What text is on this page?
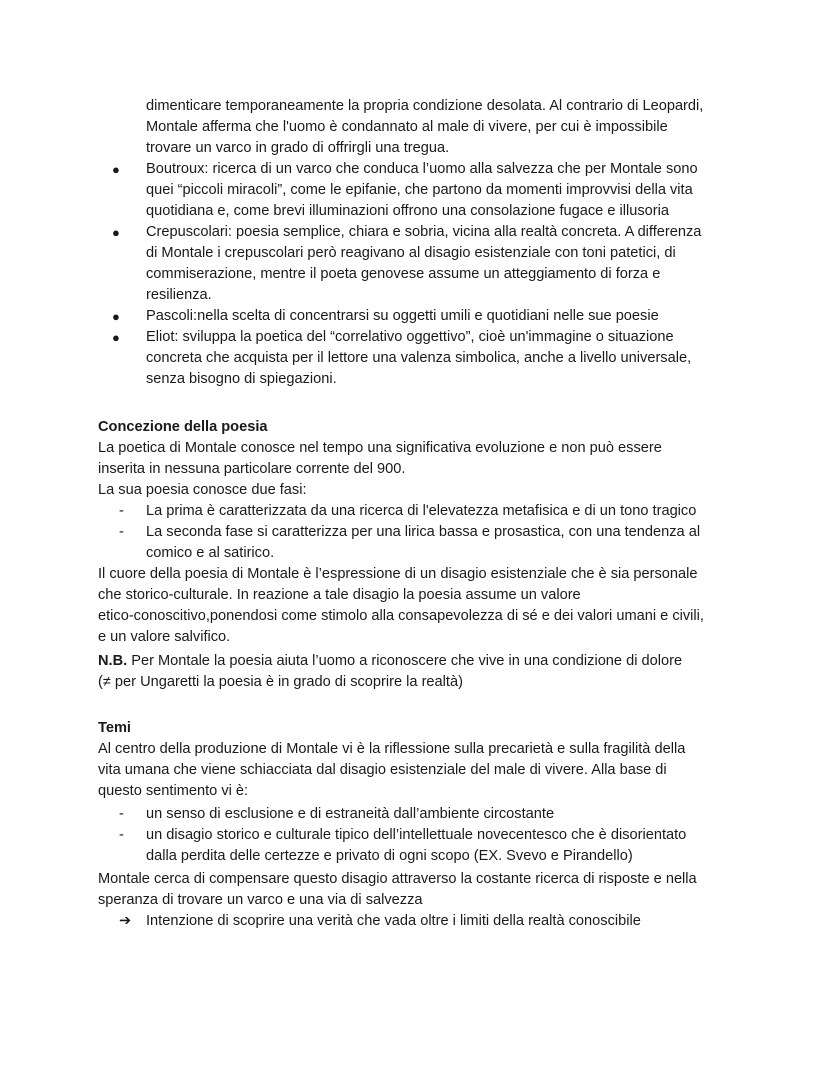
dimenticare temporaneamente la propria condizione desolata. Al contrario di Leopardi,
Montale afferma che l'uomo è condannato al male di vivere, per cui è impossibile
trovare un varco in grado di offrirgli una tregua.
● Boutroux: ricerca di un varco che conduca l’uomo alla salvezza che per Montale sono
quei “piccoli miracoli”, come le epifanie, che partono da momenti improvvisi della vita
quotidiana e, come brevi illuminazioni offrono una consolazione fugace e illusoria
● Crepuscolari: poesia semplice, chiara e sobria, vicina alla realtà concreta. A differenza
di Montale i crepuscolari però reagivano al disagio esistenziale con toni patetici, di
commiserazione, mentre il poeta genovese assume un atteggiamento di forza e
resilienza.
● Pascoli:nella scelta di concentrarsi su oggetti umili e quotidiani nelle sue poesie
● Eliot: sviluppa la poetica del “correlativo oggettivo”, cioè un'immagine o situazione
concreta che acquista per il lettore una valenza simbolica, anche a livello universale,
senza bisogno di spiegazioni.
Concezione della poesia
La poetica di Montale conosce nel tempo una significativa evoluzione e non può essere
inserita in nessuna particolare corrente del 900.
La sua poesia conosce due fasi:
- La prima è caratterizzata da una ricerca di l'elevatezza metafisica e di un tono tragico
- La seconda fase si caratterizza per una lirica bassa e prosastica, con una tendenza al
comico e al satirico.
Il cuore della poesia di Montale è l’espressione di un disagio esistenziale che è sia personale
che storico-culturale. In reazione a tale disagio la poesia assume un valore
etico-conoscitivo,ponendosi come stimolo alla consapevolezza di sé e dei valori umani e civili,
e un valore salvifico.
N.B. Per Montale la poesia aiuta l’uomo a riconoscere che vive in una condizione di dolore
(≠ per Ungaretti la poesia è in grado di scoprire la realtà)
Temi
Al centro della produzione di Montale vi è la riflessione sulla precarietà e sulla fragilità della
vita umana che viene schiacciata dal disagio esistenziale del male di vivere. Alla base di
questo sentimento vi è:
- un senso di esclusione e di estraneità dall’ambiente circostante
- un disagio storico e culturale tipico dell’intellettuale novecentesco che è disorientato
dalla perdita delle certezze e privato di ogni scopo (EX. Svevo e Pirandello)
Montale cerca di compensare questo disagio attraverso la costante ricerca di risposte e nella
speranza di trovare un varco e una via di salvezza
➔ Intenzione di scoprire una verità che vada oltre i limiti della realtà conoscibile
